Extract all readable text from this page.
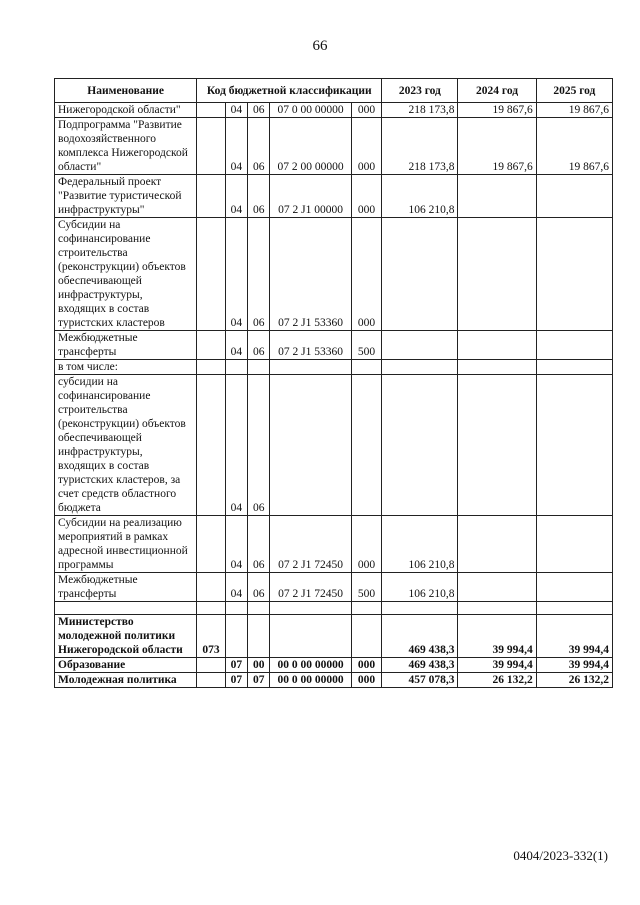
66
Наименование	Код бюджетной классификации					2023 год	2024 год	2025 год
Нижегородской области"		04	06	07 0 00 00000	000	218 173,8	19 867,6	19 867,6
Подпрограмма "Развитие водохозяйственного комплекса Нижегородской области"		04	06	07 2 00 00000	000	218 173,8	19 867,6	19 867,6
Федеральный проект "Развитие туристической инфраструктуры"		04	06	07 2 J1 00000	000	106 210,8		
Субсидии на софинансирование строительства (реконструкции) объектов обеспечивающей инфраструктуры, входящих в состав туристских кластеров		04	06	07 2 J1 53360	000			
Межбюджетные трансферты		04	06	07 2 J1 53360	500			
в том числе:								
субсидии на софинансирование строительства (реконструкции) объектов обеспечивающей инфраструктуры, входящих в состав туристских кластеров, за счет средств областного бюджета		04	06					
Субсидии на реализацию мероприятий в рамках адресной инвестиционной программы		04	06	07 2 J1 72450	000	106 210,8		
Межбюджетные трансферты		04	06	07 2 J1 72450	500	106 210,8		

Министерство молодежной политики Нижегородской области	073					469 438,3	39 994,4	39 994,4
Образование		07	00	00 0 00 00000	000	469 438,3	39 994,4	39 994,4
Молодежная политика		07	07	00 0 00 00000	000	457 078,3	26 132,2	26 132,2
0404/2023-332(1)
